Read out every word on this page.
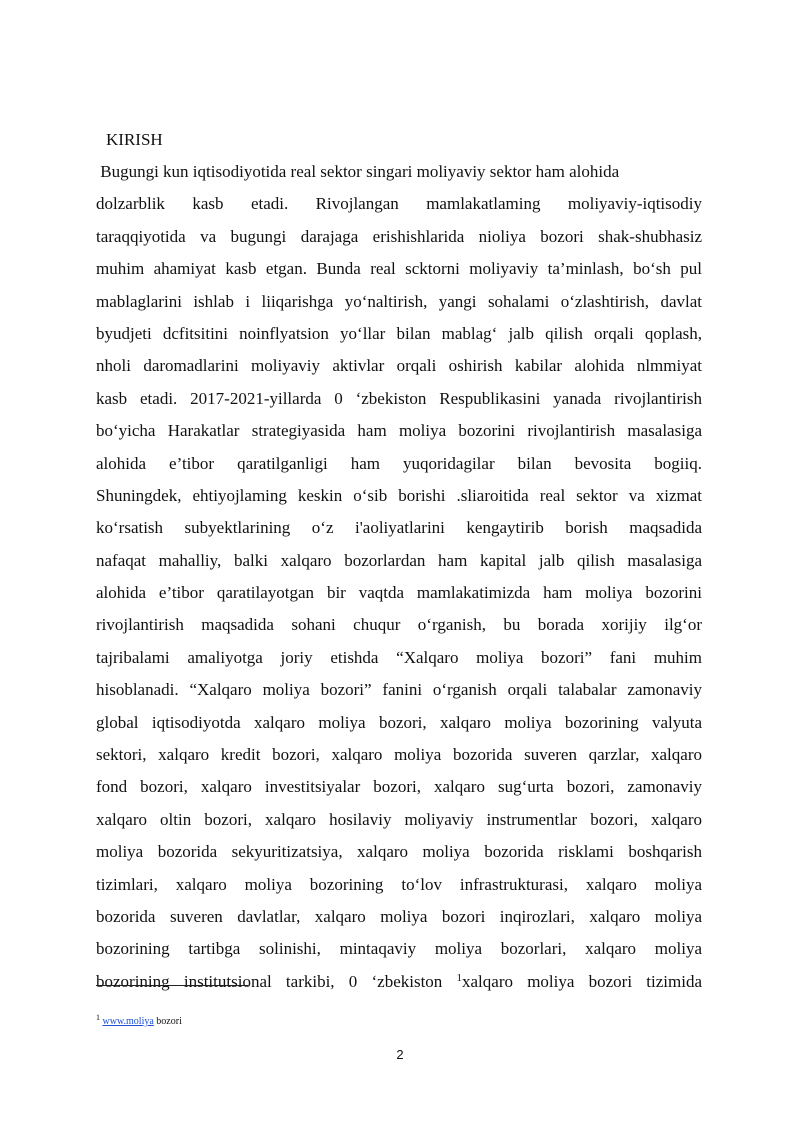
KIRISH
Bugungi kun iqtisodiyotida real sektor singari moliyaviy sektor ham alohida
dolzarblik kasb etadi. Rivojlangan mamlakatlaming moliyaviy-iqtisodiy
taraqqiyotida va bugungi darajaga erishishlarida nioliya bozori shak-shubhasiz
muhim ahamiyat kasb etgan. Bunda real scktorni moliyaviy ta’minlash, bo‘sh pul
mablaglarini ishlab i liiqarishga yo‘naltirish, yangi sohalami o‘zlashtirish, davlat
byudjeti dcfitsitini noinflyatsion yo‘llar bilan mablag‘ jalb qilish orqali qoplash,
nholi daromadlarini moliyaviy aktivlar orqali oshirish kabilar alohida nlmmiyat
kasb etadi. 2017-2021-yillarda 0 ‘zbekiston Respublikasini yanada rivojlantirish
bo‘yicha Harakatlar strategiyasida ham moliya bozorini rivojlantirish masalasiga
alohida e’tibor qaratilganligi ham yuqoridagilar bilan bevosita bogiiq.
Shuningdek, ehtiyojlaming keskin o‘sib borishi .sliaroitida real sektor va xizmat
ko‘rsatish subyektlarining o‘z i'aoliyatlarini kengaytirib borish maqsadida
nafaqat mahalliy, balki xalqaro bozorlardan ham kapital jalb qilish masalasiga
alohida e’tibor qaratilayotgan bir vaqtda mamlakatimizda ham moliya bozorini
rivojlantirish maqsadida sohani chuqur o‘rganish, bu borada xorijiy ilg‘or
tajribalami amaliyotga joriy etishda “Xalqaro moliya bozori” fani muhim
hisoblanadi. “Xalqaro moliya bozori” fanini o‘rganish orqali talabalar zamonaviy
global iqtisodiyotda xalqaro moliya bozori, xalqaro moliya bozorining valyuta
sektori, xalqaro kredit bozori, xalqaro moliya bozorida suveren qarzlar, xalqaro
fond bozori, xalqaro investitsiyalar bozori, xalqaro sug‘urta bozori, zamonaviy
xalqaro oltin bozori, xalqaro hosilaviy moliyaviy instrumentlar bozori, xalqaro
moliya bozorida sekyuritizatsiya, xalqaro moliya bozorida risklami boshqarish
tizimlari, xalqaro moliya bozorining to‘lov infrastrukturasi, xalqaro moliya
bozorida suveren davlatlar, xalqaro moliya bozori inqirozlari, xalqaro moliya
bozorining tartibga solinishi, mintaqaviy moliya bozorlari, xalqaro moliya
bozorining institutsional tarkibi, 0 ‘zbekiston $^1$xalqaro moliya bozori tizimida
$^1$ www.moliya bozori
2
